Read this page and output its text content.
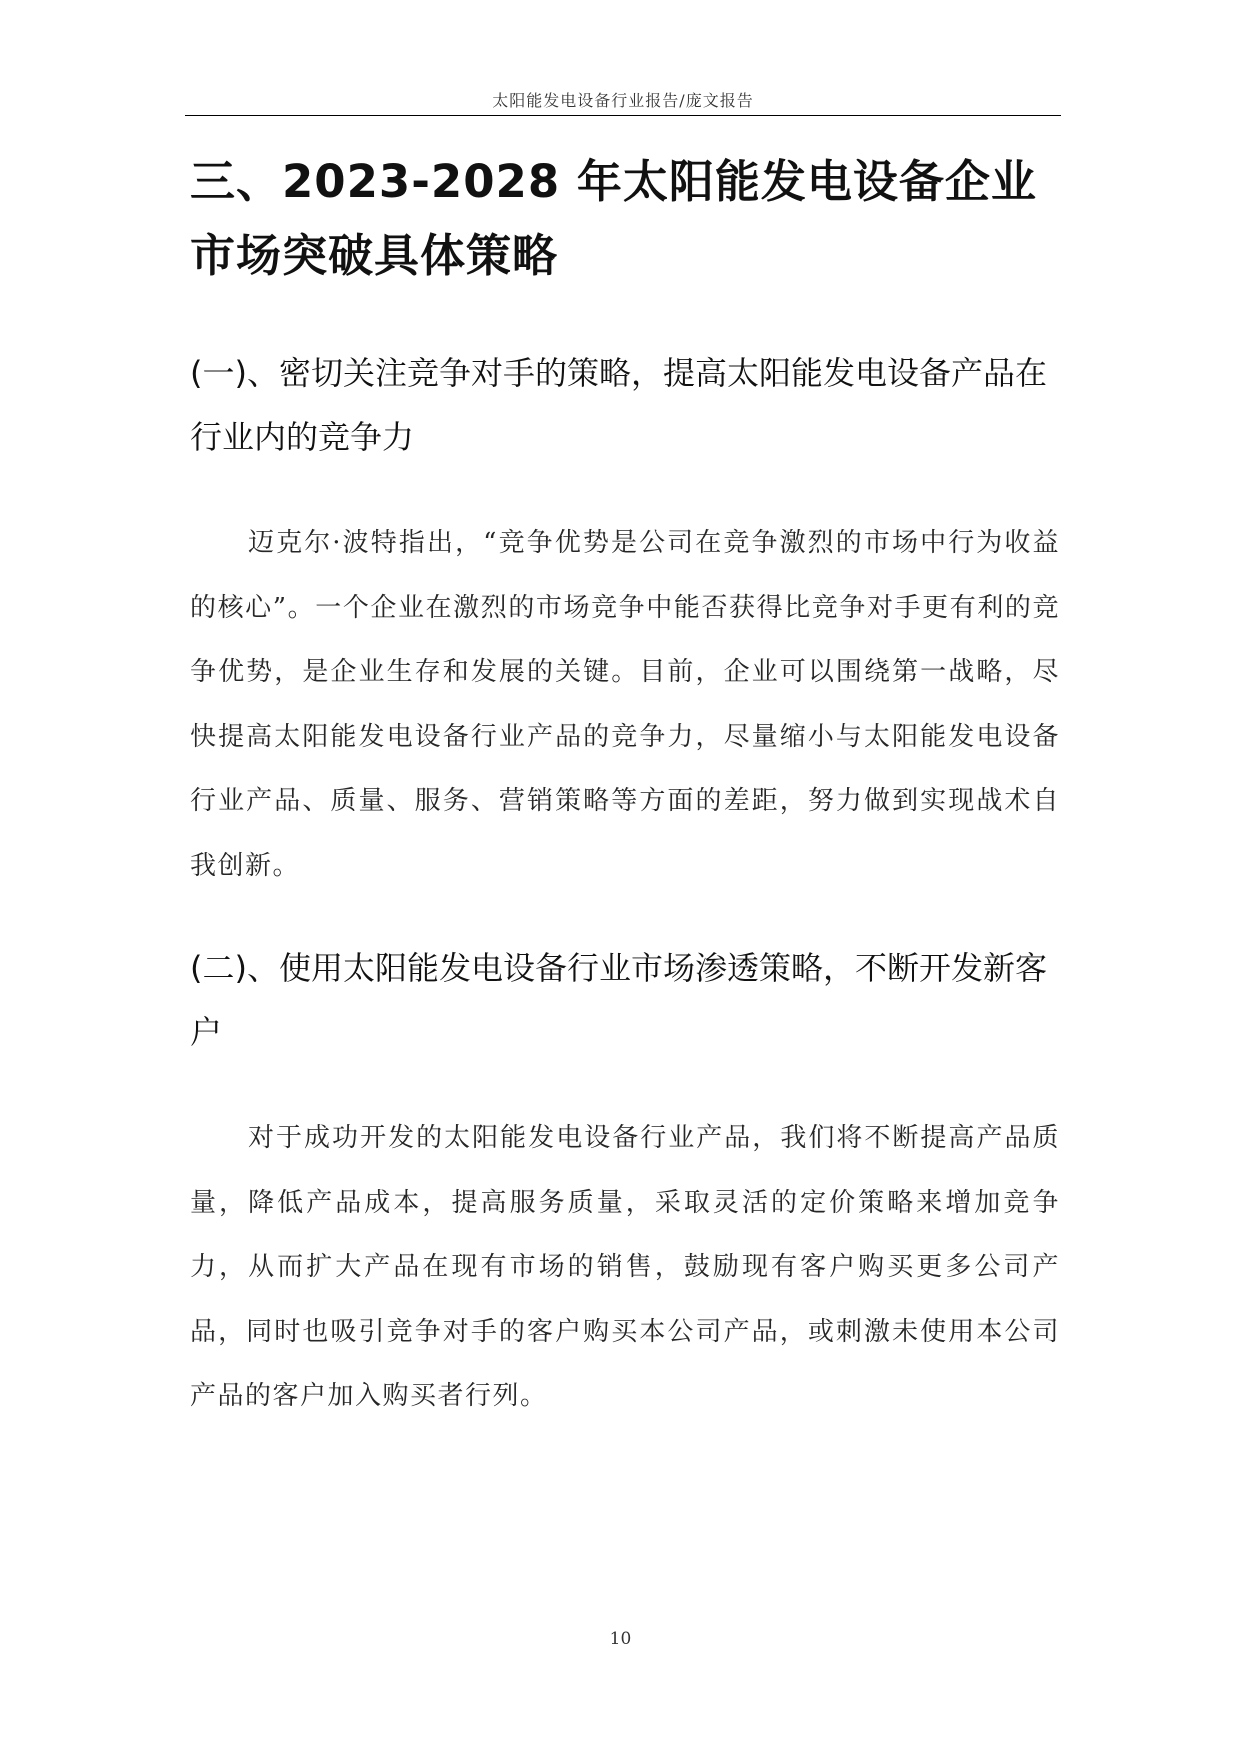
太阳能发电设备行业报告/庞文报告
三、2023-2028 年太阳能发电设备企业市场突破具体策略
(一)、密切关注竞争对手的策略，提高太阳能发电设备产品在行业内的竞争力

迈克尔·波特指出，“竞争优势是公司在竞争激烈的市场中行为收益的核心”。一个企业在激烈的市场竞争中能否获得比竞争对手更有利的竞争优势，是企业生存和发展的关键。目前，企业可以围绕第一战略，尽快提高太阳能发电设备行业产品的竞争力，尽量缩小与太阳能发电设备行业产品、质量、服务、营销策略等方面的差距，努力做到实现战术自我创新。

(二)、使用太阳能发电设备行业市场渗透策略，不断开发新客户

对于成功开发的太阳能发电设备行业产品，我们将不断提高产品质量，降低产品成本，提高服务质量，采取灵活的定价策略来增加竞争力，从而扩大产品在现有市场的销售，鼓励现有客户购买更多公司产品，同时也吸引竞争对手的客户购买本公司产品，或刺激未使用本公司产品的客户加入购买者行列。

10
